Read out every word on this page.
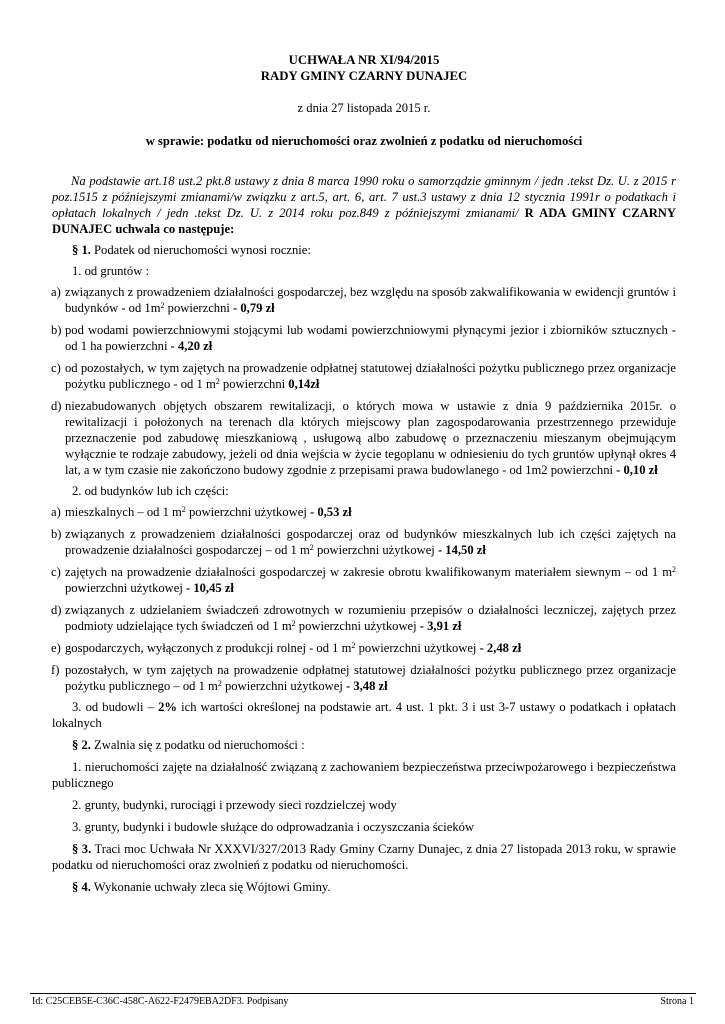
UCHWAŁA NR XI/94/2015
RADY GMINY CZARNY DUNAJEC
z dnia 27 listopada 2015 r.
w sprawie: podatku od nieruchomości oraz zwolnień z podatku od nieruchomości
Na podstawie art.18 ust.2 pkt.8 ustawy z dnia 8 marca 1990 roku o samorządzie gminnym / jedn .tekst Dz. U. z 2015 r poz.1515 z późniejszymi zmianami/w związku z art.5, art. 6, art. 7 ust.3 ustawy z dnia 12 stycznia 1991r o podatkach i opłatach lokalnych / jedn .tekst Dz. U. z 2014 roku poz.849 z późniejszymi zmianami/ R ADA GMINY CZARNY DUNAJEC uchwala co następuje:
§ 1. Podatek od nieruchomości wynosi rocznie:
1. od gruntów :
a) związanych z prowadzeniem działalności gospodarczej, bez względu na sposób zakwalifikowania w ewidencji gruntów i budynków - od $1m^2$ powierzchni - 0,79 zł
b) pod wodami powierzchniowymi stojącymi lub wodami powierzchniowymi płynącymi jezior i zbiorników sztucznych - od 1 ha powierzchni - 4,20 zł
c) od pozostałych, w tym zajętych na prowadzenie odpłatnej statutowej działalności pożytku publicznego przez organizacje pożytku publicznego - od 1 $m^2$ powierzchni 0,14zł
d) niezabudowanych objętych obszarem rewitalizacji, o których mowa w ustawie z dnia 9 października 2015r. o rewitalizacji i położonych na terenach dla których miejscowy plan zagospodarowania przestrzennego przewiduje przeznaczenie pod zabudowę mieszkaniową , usługową albo zabudowę o przeznaczeniu mieszanym obejmującym wyłącznie te rodzaje zabudowy, jeżeli od dnia wejścia w życie tegoplanu w odniesieniu do tych gruntów upłynął okres 4 lat, a w tym czasie nie zakończono budowy zgodnie z przepisami prawa budowlanego - od 1m2 powierzchni - 0,10 zł
2. od budynków lub ich części:
a) mieszkalnych – od 1 $m^2$ powierzchni użytkowej - 0,53 zł
b) związanych z prowadzeniem działalności gospodarczej oraz od budynków mieszkalnych lub ich części zajętych na prowadzenie działalności gospodarczej – od 1 $m^2$ powierzchni użytkowej - 14,50 zł
c) zajętych na prowadzenie działalności gospodarczej w zakresie obrotu kwalifikowanym materiałem siewnym – od 1 $m^2$ powierzchni użytkowej - 10,45 zł
d) związanych z udzielaniem świadczeń zdrowotnych w rozumieniu przepisów o działalności leczniczej, zajętych przez podmioty udzielające tych świadczeń od 1 $m^2$ powierzchni użytkowej - 3,91 zł
e) gospodarczych, wyłączonych z produkcji rolnej - od 1 $m^2$ powierzchni użytkowej - 2,48 zł
f) pozostałych, w tym zajętych na prowadzenie odpłatnej statutowej działalności pożytku publicznego przez organizacje pożytku publicznego – od 1 $m^2$ powierzchni użytkowej - 3,48 zł
3. od budowli – 2% ich wartości określonej na podstawie art. 4 ust. 1 pkt. 3 i ust 3-7 ustawy o podatkach i opłatach lokalnych
§ 2. Zwalnia się z podatku od nieruchomości :
1. nieruchomości zajęte na działalność związaną z zachowaniem bezpieczeństwa przeciwpożarowego i bezpieczeństwa publicznego
2. grunty, budynki, rurociągi i przewody sieci rozdzielczej wody
3. grunty, budynki i budowle służące do odprowadzania i oczyszczania ścieków
§ 3. Traci moc Uchwała Nr XXXVI/327/2013 Rady Gminy Czarny Dunajec, z dnia 27 listopada 2013 roku, w sprawie podatku od nieruchomości oraz zwolnień z podatku od nieruchomości.
§ 4. Wykonanie uchwały zleca się Wójtowi Gminy.
Id: C25CEB5E-C36C-458C-A622-F2479EBA2DF3. Podpisany	Strona 1
